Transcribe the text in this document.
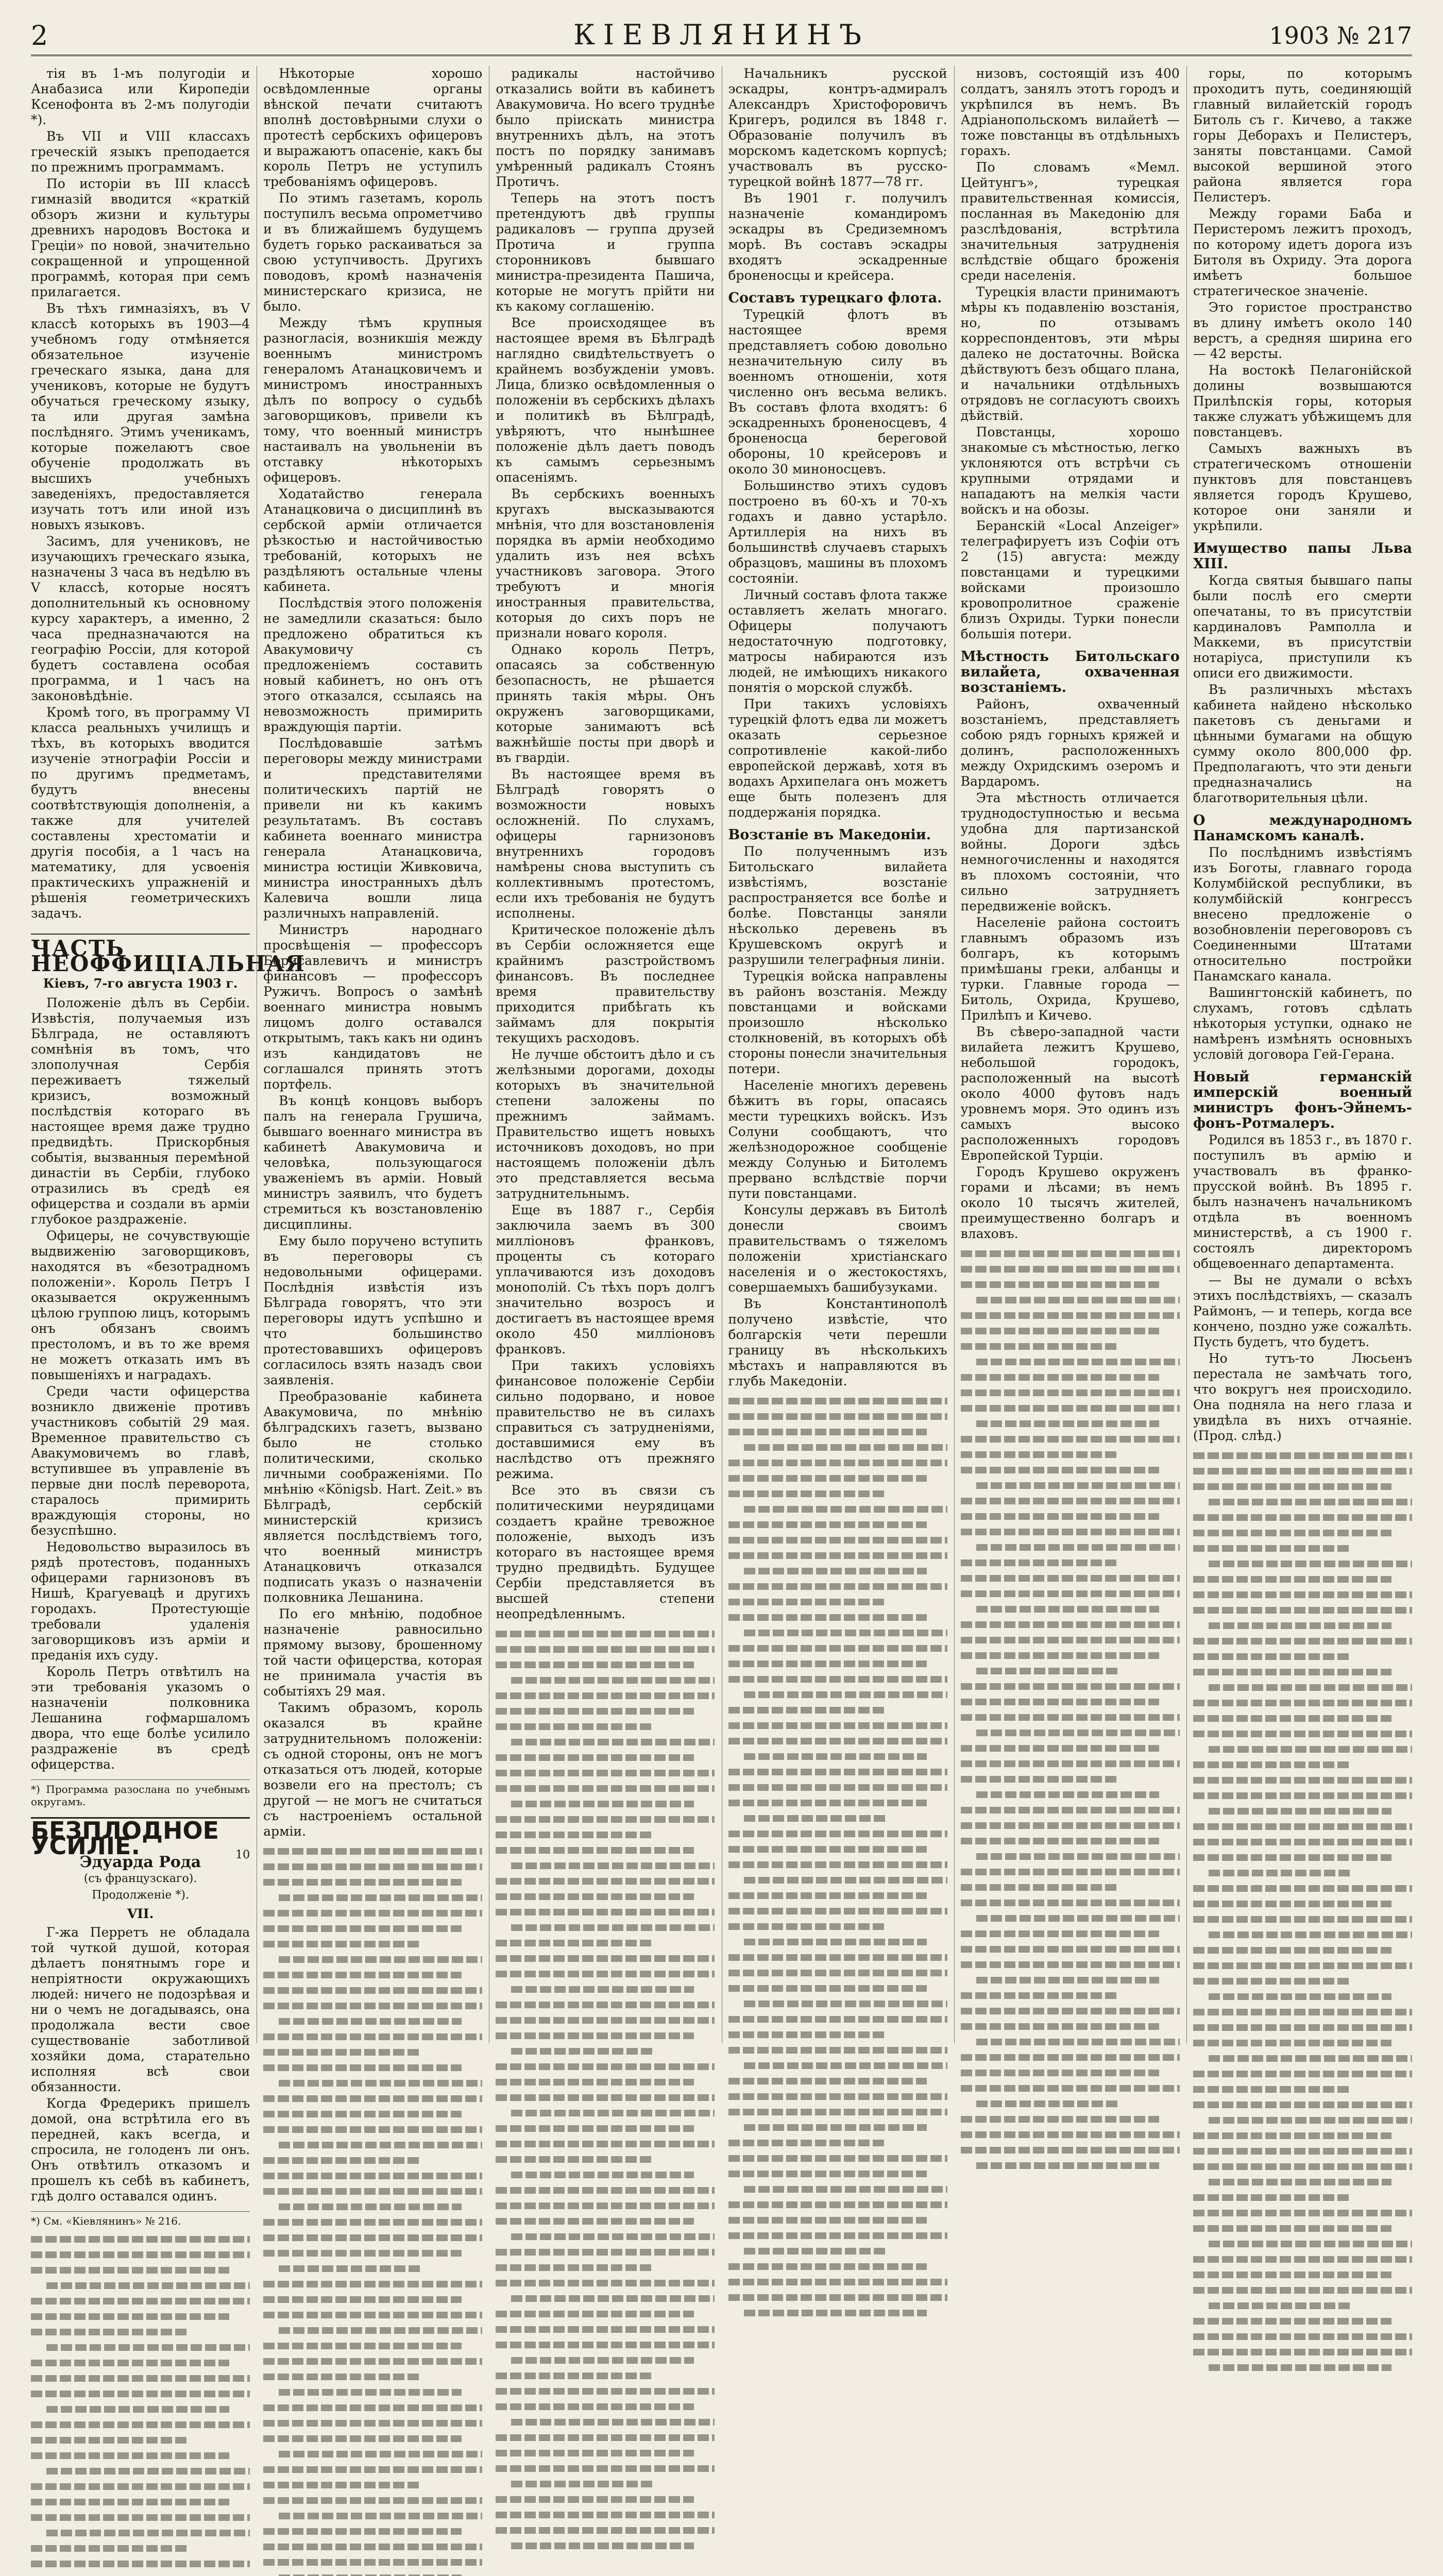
2	КІЕВЛЯНИНЪ	1903 № 217

тія въ 1-мъ полугодіи и Анабазиса или Киропедіи Ксенофонта въ 2-мъ полугодіи *).

Въ VII и VIII классахъ греческій языкъ преподается по прежнимъ программамъ.

По исторіи въ III классѣ гимназій вводится «краткій обзоръ жизни и культуры древнихъ народовъ Востока и Греціи» по новой, значительно сокращенной и упрощенной программѣ, которая при семъ прилагается.

Въ тѣхъ гимназіяхъ, въ V классѣ которыхъ въ 1903—4 учебномъ году отмѣняется обязательное изученіе греческаго языка, дана для учениковъ, которые не будутъ обучаться греческому языку, та или другая замѣна послѣдняго. Этимъ ученикамъ, которые пожелаютъ свое обученіе продолжать въ высшихъ учебныхъ заведеніяхъ, предоставляется изучать тотъ или иной изъ новыхъ языковъ.

Засимъ, для учениковъ, не изучающихъ греческаго языка, назначены 3 часа въ недѣлю въ V классѣ, которые носятъ дополнительный къ основному курсу характеръ, а именно, 2 часа предназначаются на географію Россіи, для которой будетъ составлена особая программа, и 1 часъ на законовѣдѣніе.

Кромѣ того, въ программу VI класса реальныхъ училищъ и тѣхъ, въ которыхъ вводится изученіе этнографіи Россіи и по другимъ предметамъ, будутъ внесены соотвѣтствующія дополненія, а также для учителей составлены хрестоматіи и другія пособія, а 1 часъ на математику, для усвоенія практическихъ упражненій и рѣшенія геометрическихъ задачъ.

ЧАСТЬ НЕОФФИЦІАЛЬНАЯ

Кіевъ, 7-го августа 1903 г.

Положеніе дѣлъ въ Сербіи. Извѣстія, получаемыя изъ Бѣлграда, не оставляютъ сомнѣнія въ томъ, что злополучная Сербія переживаетъ тяжелый кризисъ, возможный послѣдствія котораго въ настоящее время даже трудно предвидѣть. Прискорбныя событія, вызванныя перемѣной династіи въ Сербіи, глубоко отразились въ средѣ ея офицерства и создали въ арміи глубокое раздраженіе.

Офицеры, не сочувствующіе выдвиженію заговорщиковъ, находятся въ «безотрадномъ положеніи». Король Петръ I оказывается окруженнымъ цѣлою группою лицъ, которымъ онъ обязанъ своимъ престоломъ, и въ то же время не можетъ отказать имъ въ повышеніяхъ и наградахъ.

Среди части офицерства возникло движеніе противъ участниковъ событій 29 мая. Временное правительство съ Авакумовичемъ во главѣ, вступившее въ управленіе въ первые дни послѣ переворота, старалось примирить враждующія стороны, но безуспѣшно.

Недовольство выразилось въ рядѣ протестовъ, поданныхъ офицерами гарнизоновъ въ Нишѣ, Крагуевацѣ и другихъ городахъ. Протестующіе требовали удаленія заговорщиковъ изъ арміи и преданія ихъ суду.

Король Петръ отвѣтилъ на эти требованія указомъ о назначеніи полковника Лешанина гофмаршаломъ двора, что еще болѣе усилило раздраженіе въ средѣ офицерства.

*) Программа разослана по учебнымъ округамъ.

БЕЗПЛОДНОЕ УСИЛІЕ.

Эдуарда Рода

(съ французскаго).

Продолженіе *).

VII.

10

Г-жа Перретъ не обладала той чуткой душой, которая дѣлаетъ понятнымъ горе и непріятности окружающихъ людей: ничего не подозрѣвая и ни о чемъ не догадываясь, она продолжала вести свое существованіе заботливой хозяйки дома, старательно исполняя всѣ свои обязанности.

Когда Фредерикъ пришелъ домой, она встрѣтила его въ передней, какъ всегда, и спросила, не голоденъ ли онъ. Онъ отвѣтилъ отказомъ и прошелъ къ себѣ въ кабинетъ, гдѣ долго оставался одинъ.

*) См. «Кіевлянинъ» № 216.

Нѣкоторые хорошо освѣдомленные органы вѣнской печати считаютъ вполнѣ достовѣрными слухи о протестѣ сербскихъ офицеровъ и выражаютъ опасеніе, какъ бы король Петръ не уступилъ требованіямъ офицеровъ.

По этимъ газетамъ, король поступилъ весьма опрометчиво и въ ближайшемъ будущемъ будетъ горько раскаиваться за свою уступчивость. Другихъ поводовъ, кромѣ назначенія министерскаго кризиса, не было.

Между тѣмъ крупныя разногласія, возникшія между военнымъ министромъ генераломъ Атанацковичемъ и министромъ иностранныхъ дѣлъ по вопросу о судьбѣ заговорщиковъ, привели къ тому, что военный министръ настаивалъ на увольненіи въ отставку нѣкоторыхъ офицеровъ.

Ходатайство генерала Атанацковича о дисциплинѣ въ сербской арміи отличается рѣзкостью и настойчивостью требованій, которыхъ не раздѣляютъ остальные члены кабинета.

Послѣдствія этого положенія не замедлили сказаться: было предложено обратиться къ Авакумовичу съ предложеніемъ составить новый кабинетъ, но онъ отъ этого отказался, ссылаясь на невозможность примирить враждующія партіи.

Послѣдовавшіе затѣмъ переговоры между министрами и представителями политическихъ партій не привели ни къ какимъ результатамъ. Въ составъ кабинета военнаго министра генерала Атанацковича, министра юстиціи Живковича, министра иностранныхъ дѣлъ Калевича вошли лица различныхъ направленій.

Министръ народнаго просвѣщенія — профессоръ Борисавлевичъ и министръ финансовъ — профессоръ Ружичъ. Вопросъ о замѣнѣ военнаго министра новымъ лицомъ долго оставался открытымъ, такъ какъ ни одинъ изъ кандидатовъ не соглашался принять этотъ портфель.

Въ концѣ концовъ выборъ палъ на генерала Грушича, бывшаго военнаго министра въ кабинетѣ Авакумовича и человѣка, пользующагося уваженіемъ въ арміи. Новый министръ заявилъ, что будетъ стремиться къ возстановленію дисциплины.

Ему было поручено вступить въ переговоры съ недовольными офицерами. Послѣднія извѣстія изъ Бѣлграда говорятъ, что эти переговоры идутъ успѣшно и что большинство протестовавшихъ офицеровъ согласилось взять назадъ свои заявленія.

Преобразованіе кабинета Авакумовича, по мнѣнію бѣлградскихъ газетъ, вызвано было не столько политическими, сколько личными соображеніями. По мнѣнію «Königsb. Hart. Zeit.» въ Бѣлградѣ, сербскій министерскій кризисъ является послѣдствіемъ того, что военный министръ Атанацковичъ отказался подписать указъ о назначеніи полковника Лешанина.

По его мнѣнію, подобное назначеніе равносильно прямому вызову, брошенному той части офицерства, которая не принимала участія въ событіяхъ 29 мая.

Такимъ образомъ, король оказался въ крайне затруднительномъ положеніи: съ одной стороны, онъ не могъ отказаться отъ людей, которые возвели его на престолъ; съ другой — не могъ не считаться съ настроеніемъ остальной арміи.

радикалы настойчиво отказались войти въ кабинетъ Авакумовича. Но всего труднѣе было пріискать министра внутреннихъ дѣлъ, на этотъ постъ по порядку занимавъ умѣренный радикалъ Стоянъ Протичъ.

Теперь на этотъ постъ претендуютъ двѣ группы радикаловъ — группа друзей Протича и группа сторонниковъ бывшаго министра-президента Пашича, которые не могутъ прійти ни къ какому соглашенію.

Все происходящее въ настоящее время въ Бѣлградѣ наглядно свидѣтельствуетъ о крайнемъ возбужденіи умовъ. Лица, близко освѣдомленныя о положеніи въ сербскихъ дѣлахъ и политикѣ въ Бѣлградѣ, увѣряютъ, что нынѣшнее положеніе дѣлъ даетъ поводъ къ самымъ серьезнымъ опасеніямъ.

Въ сербскихъ военныхъ кругахъ высказываются мнѣнія, что для возстановленія порядка въ арміи необходимо удалить изъ нея всѣхъ участниковъ заговора. Этого требуютъ и многія иностранныя правительства, которыя до сихъ поръ не признали новаго короля.

Однако король Петръ, опасаясь за собственную безопасность, не рѣшается принять такія мѣры. Онъ окруженъ заговорщиками, которые занимаютъ всѣ важнѣйшіе посты при дворѣ и въ гвардіи.

Въ настоящее время въ Бѣлградѣ говорятъ о возможности новыхъ осложненій. По слухамъ, офицеры гарнизоновъ внутреннихъ городовъ намѣрены снова выступить съ коллективнымъ протестомъ, если ихъ требованія не будутъ исполнены.

Критическое положеніе дѣлъ въ Сербіи осложняется еще крайнимъ разстройствомъ финансовъ. Въ последнее время правительству приходится прибѣгать къ займамъ для покрытія текущихъ расходовъ.

Не лучше обстоитъ дѣло и съ желѣзными дорогами, доходы которыхъ въ значительной степени заложены по прежнимъ займамъ. Правительство ищетъ новыхъ источниковъ доходовъ, но при настоящемъ положеніи дѣлъ это представляется весьма затруднительнымъ.

Еще въ 1887 г., Сербія заключила заемъ въ 300 милліоновъ франковъ, проценты съ котораго уплачиваются изъ доходовъ монополій. Съ тѣхъ поръ долгъ значительно возросъ и достигаетъ въ настоящее время около 450 милліоновъ франковъ.

При такихъ условіяхъ финансовое положеніе Сербіи сильно подорвано, и новое правительство не въ силахъ справиться съ затрудненіями, доставшимися ему въ наслѣдство отъ прежняго режима.

Все это въ связи съ политическими неурядицами создаетъ крайне тревожное положеніе, выходъ изъ котораго въ настоящее время трудно предвидѣть. Будущее Сербіи представляется въ высшей степени неопредѣленнымъ.

Начальникъ русской эскадры, контръ-адмиралъ Александръ Христофоровичъ Кригеръ, родился въ 1848 г. Образованіе получилъ въ морскомъ кадетскомъ корпусѣ; участвовалъ въ русско-турецкой войнѣ 1877—78 гг.

Въ 1901 г. получилъ назначеніе командиромъ эскадры въ Средиземномъ морѣ. Въ составъ эскадры входятъ эскадренные броненосцы и крейсера.

Составъ турецкаго флота.

Турецкій флотъ въ настоящее время представляетъ собою довольно незначительную силу въ военномъ отношеніи, хотя численно онъ весьма великъ. Въ составъ флота входятъ: 6 эскадренныхъ броненосцевъ, 4 броненосца береговой обороны, 10 крейсеровъ и около 30 миноносцевъ.

Большинство этихъ судовъ построено въ 60-хъ и 70-хъ годахъ и давно устарѣло. Артиллерія на нихъ въ большинствѣ случаевъ старыхъ образцовъ, машины въ плохомъ состояніи.

Личный составъ флота также оставляетъ желать многаго. Офицеры получаютъ недостаточную подготовку, матросы набираются изъ людей, не имѣющихъ никакого понятія о морской службѣ.

При такихъ условіяхъ турецкій флотъ едва ли можетъ оказать серьезное сопротивленіе какой-либо европейской державѣ, хотя въ водахъ Архипелага онъ можетъ еще быть полезенъ для поддержанія порядка.

Возстаніе въ Македоніи.

По полученнымъ изъ Битольскаго вилайета извѣстіямъ, возстаніе распространяется все болѣе и болѣе. Повстанцы заняли нѣсколько деревень въ Крушевскомъ округѣ и разрушили телеграфныя линіи.

Турецкія войска направлены въ районъ возстанія. Между повстанцами и войсками произошло нѣсколько столкновеній, въ которыхъ обѣ стороны понесли значительныя потери.

Населеніе многихъ деревень бѣжитъ въ горы, опасаясь мести турецкихъ войскъ. Изъ Солуни сообщаютъ, что желѣзнодорожное сообщеніе между Солунью и Битолемъ прервано вслѣдствіе порчи пути повстанцами.

Консулы державъ въ Битолѣ донесли своимъ правительствамъ о тяжеломъ положеніи христіанскаго населенія и о жестокостяхъ, совершаемыхъ башибузуками.

Въ Константинополѣ получено извѣстіе, что болгарскія чети перешли границу въ нѣсколькихъ мѣстахъ и направляются въ глубь Македоніи.

низовъ, состоящій изъ 400 солдатъ, занялъ этотъ городъ и укрѣпился въ немъ. Въ Адріанопольскомъ вилайетѣ — тоже повстанцы въ отдѣльныхъ горахъ.

По словамъ «Мемл. Цейтунгъ», турецкая правительственная комиссія, посланная въ Македонію для разслѣдованія, встрѣтила значительныя затрудненія вслѣдствіе общаго броженія среди населенія.

Турецкія власти принимаютъ мѣры къ подавленію возстанія, но, по отзывамъ корреспондентовъ, эти мѣры далеко не достаточны. Войска дѣйствуютъ безъ общаго плана, и начальники отдѣльныхъ отрядовъ не согласуютъ своихъ дѣйствій.

Повстанцы, хорошо знакомые съ мѣстностью, легко уклоняются отъ встрѣчи съ крупными отрядами и нападаютъ на мелкія части войскъ и на обозы.

Беранскій «Local Anzeiger» телеграфируетъ изъ Софіи отъ 2 (15) августа: между повстанцами и турецкими войсками произошло кровопролитное сраженіе близъ Охриды. Турки понесли большія потери.

Мѣстность Битольскаго вилайета, охваченная возстаніемъ.

Районъ, охваченный возстаніемъ, представляетъ собою рядъ горныхъ кряжей и долинъ, расположенныхъ между Охридскимъ озеромъ и Вардаромъ.

Эта мѣстность отличается труднодоступностью и весьма удобна для партизанской войны. Дороги здѣсь немногочисленны и находятся въ плохомъ состояніи, что сильно затрудняетъ передвиженіе войскъ.

Населеніе района состоитъ главнымъ образомъ изъ болгаръ, къ которымъ примѣшаны греки, албанцы и турки. Главные города — Битоль, Охрида, Крушево, Прилѣпъ и Кичево.

Въ сѣверо-западной части вилайета лежитъ Крушево, небольшой городокъ, расположенный на высотѣ около 4000 футовъ надъ уровнемъ моря. Это одинъ изъ самыхъ высоко расположенныхъ городовъ Европейской Турціи.

Городъ Крушево окруженъ горами и лѣсами; въ немъ около 10 тысячъ жителей, преимущественно болгаръ и влаховъ.

горы, по которымъ проходитъ путь, соединяющій главный вилайетскій городъ Битоль съ г. Кичево, а также горы Деборахъ и Пелистеръ, заняты повстанцами. Самой высокой вершиной этого района является гора Пелистеръ.

Между горами Баба и Перистеромъ лежитъ проходъ, по которому идетъ дорога изъ Битоля въ Охриду. Эта дорога имѣетъ большое стратегическое значеніе.

Это гористое пространство въ длину имѣетъ около 140 верстъ, а средняя ширина его — 42 версты.

На востокѣ Пелагонійской долины возвышаются Прилѣпскія горы, которыя также служатъ убѣжищемъ для повстанцевъ.

Самыхъ важныхъ въ стратегическомъ отношеніи пунктовъ для повстанцевъ является городъ Крушево, которое они заняли и укрѣпили.

Имущество папы Льва XIII.

Когда святыя бывшаго папы были послѣ его смерти опечатаны, то въ присутствіи кардиналовъ Рамполла и Маккеми, въ присутствіи нотаріуса, приступили къ описи его движимости.

Въ различныхъ мѣстахъ кабинета найдено нѣсколько пакетовъ съ деньгами и цѣнными бумагами на общую сумму около 800,000 фр. Предполагаютъ, что эти деньги предназначались на благотворительныя цѣли.

О международномъ Панамскомъ каналѣ.

По послѣднимъ извѣстіямъ изъ Боготы, главнаго города Колумбійской республики, въ колумбійскій конгрессъ внесено предложеніе о возобновленіи переговоровъ съ Соединенными Штатами относительно постройки Панамскаго канала.

Вашингтонскій кабинетъ, по слухамъ, готовъ сдѣлать нѣкоторыя уступки, однако не намѣренъ измѣнять основныхъ условій договора Гей-Герана.

Новый германскій имперскій военный министръ фонъ-Эйнемъ-фонъ-Ротмалеръ.

Родился въ 1853 г., въ 1870 г. поступилъ въ армію и участвовалъ въ франко-прусской войнѣ. Въ 1895 г. былъ назначенъ начальникомъ отдѣла въ военномъ министерствѣ, а съ 1900 г. состоялъ директоромъ общевоеннаго департамента.

— Вы не думали о всѣхъ этихъ послѣдствіяхъ, — сказалъ Раймонъ, — и теперь, когда все кончено, поздно уже сожалѣть. Пусть будетъ, что будетъ.

Но тутъ-то Люсьенъ перестала не замѣчать того, что вокругъ нея происходило. Она подняла на него глаза и увидѣла въ нихъ отчаяніе. (Прод. слѣд.)
